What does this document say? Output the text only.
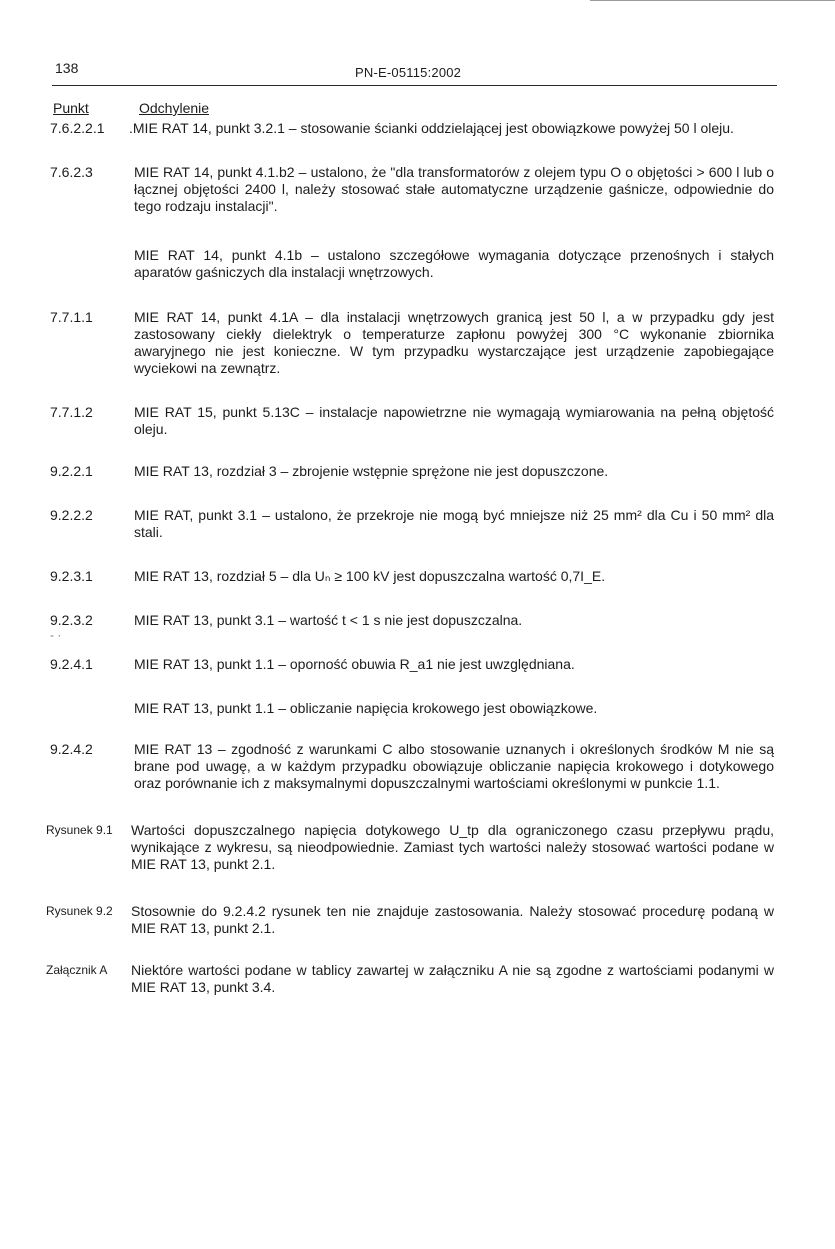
138	PN-E-05115:2002
Punkt	Odchylenie
7.6.2.2.1	.MIE RAT 14, punkt 3.2.1 – stosowanie ścianki oddzielającej jest obowiązkowe powyżej 50 l oleju.
7.6.2.3	MIE RAT 14, punkt 4.1.b2 – ustalono, że "dla transformatorów z olejem typu O o objętości > 600 l lub o łącznej objętości 2400 l, należy stosować stałe automatyczne urządzenie gaśnicze, odpowiednie do tego rodzaju instalacji".
MIE RAT 14, punkt 4.1b – ustalono szczegółowe wymagania dotyczące przenośnych i stałych aparatów gaśniczych dla instalacji wnętrzowych.
7.7.1.1	MIE RAT 14, punkt 4.1A – dla instalacji wnętrzowych granicą jest 50 l, a w przypadku gdy jest zastosowany ciekły dielektryk o temperaturze zapłonu powyżej 300 °C wykonanie zbiornika awaryjnego nie jest konieczne. W tym przypadku wystarczające jest urządzenie zapobiegające wyciekowi na zewnątrz.
7.7.1.2	MIE RAT 15, punkt 5.13C – instalacje napowietrzne nie wymagają wymiarowania na pełną objętość oleju.
9.2.2.1	MIE RAT 13, rozdział 3 – zbrojenie wstępnie sprężone nie jest dopuszczone.
9.2.2.2	MIE RAT, punkt 3.1 – ustalono, że przekroje nie mogą być mniejsze niż 25 mm² dla Cu i 50 mm² dla stali.
9.2.3.1	MIE RAT 13, rozdział 5 – dla Uₙ ≥ 100 kV jest dopuszczalna wartość 0,7I_E.
9.2.3.2	MIE RAT 13, punkt 3.1 – wartość t < 1 s nie jest dopuszczalna.
- ·
9.2.4.1	MIE RAT 13, punkt 1.1 – oporność obuwia R_a1 nie jest uwzględniana.
MIE RAT 13, punkt 1.1 – obliczanie napięcia krokowego jest obowiązkowe.
9.2.4.2	MIE RAT 13 – zgodność z warunkami C albo stosowanie uznanych i określonych środków M nie są brane pod uwagę, a w każdym przypadku obowiązuje obliczanie napięcia krokowego i dotykowego oraz porównanie ich z maksymalnymi dopuszczalnymi wartościami określonymi w punkcie 1.1.
Rysunek 9.1	Wartości dopuszczalnego napięcia dotykowego U_tp dla ograniczonego czasu przepływu prądu, wynikające z wykresu, są nieodpowiednie. Zamiast tych wartości należy stosować wartości podane w MIE RAT 13, punkt 2.1.
Rysunek 9.2	Stosownie do 9.2.4.2 rysunek ten nie znajduje zastosowania. Należy stosować procedurę podaną w MIE RAT 13, punkt 2.1.
Załącznik A	Niektóre wartości podane w tablicy zawartej w załączniku A nie są zgodne z wartościami podanymi w MIE RAT 13, punkt 3.4.
